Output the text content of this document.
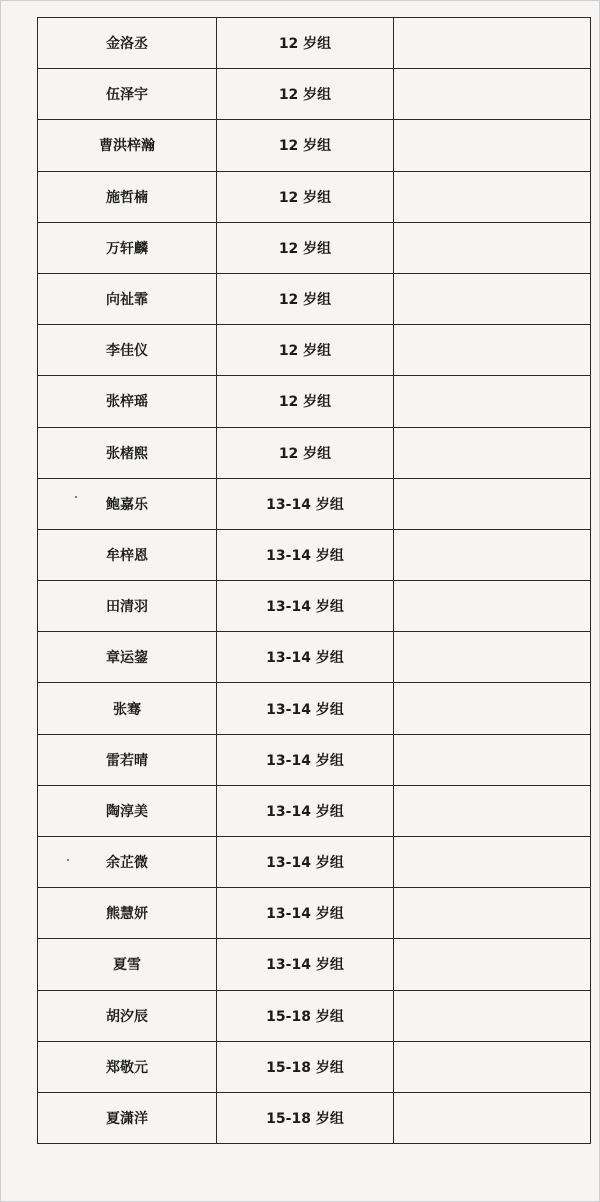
金洛丞	12 岁组	
伍泽宇	12 岁组	
曹洪梓瀚	12 岁组	
施哲楠	12 岁组	
万轩麟	12 岁组	
向祉霏	12 岁组	
李佳仪	12 岁组	
张梓瑶	12 岁组	
张楮熙	12 岁组	
鲍嘉乐	13-14 岁组	
牟梓恩	13-14 岁组	
田清羽	13-14 岁组	
章运鋆	13-14 岁组	
张骞	13-14 岁组	
雷若晴	13-14 岁组	
陶淳美	13-14 岁组	
余芷微	13-14 岁组	
熊慧妍	13-14 岁组	
夏雪	13-14 岁组	
胡汐辰	15-18 岁组	
郑敬元	15-18 岁组	
夏潇洋	15-18 岁组	
